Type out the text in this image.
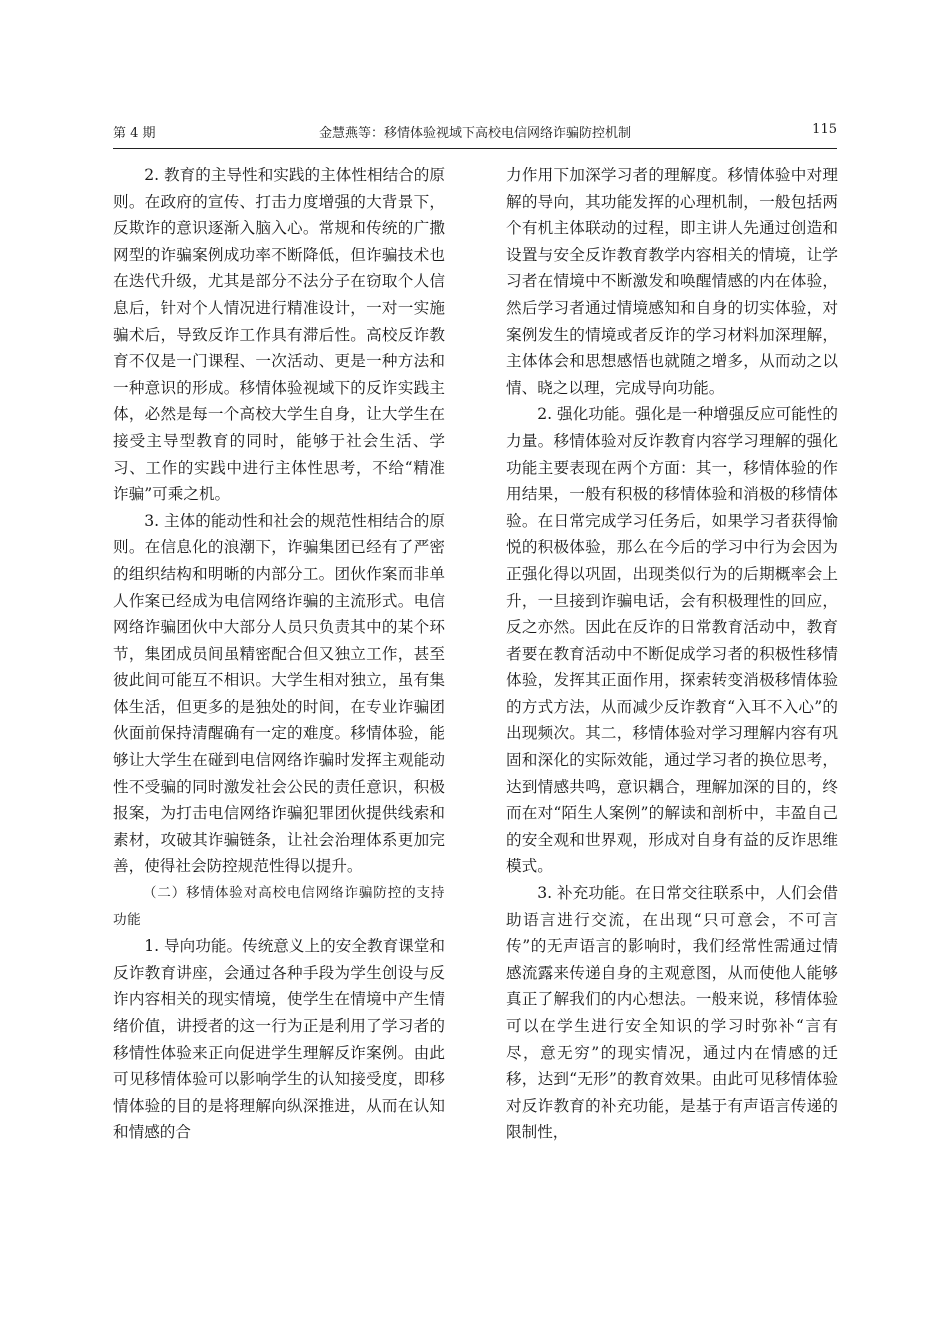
第 4 期	金慧燕等：移情体验视域下高校电信网络诈骗防控机制	115

2. 教育的主导性和实践的主体性相结合的原则。在政府的宣传、打击力度增强的大背景下，反欺诈的意识逐渐入脑入心。常规和传统的广撒网型的诈骗案例成功率不断降低，但诈骗技术也在迭代升级，尤其是部分不法分子在窃取个人信息后，针对个人情况进行精准设计，一对一实施骗术后，导致反诈工作具有滞后性。高校反诈教育不仅是一门课程、一次活动、更是一种方法和一种意识的形成。移情体验视域下的反诈实践主体，必然是每一个高校大学生自身，让大学生在接受主导型教育的同时，能够于社会生活、学习、工作的实践中进行主体性思考，不给“精准诈骗”可乘之机。

3. 主体的能动性和社会的规范性相结合的原则。在信息化的浪潮下，诈骗集团已经有了严密的组织结构和明晰的内部分工。团伙作案而非单人作案已经成为电信网络诈骗的主流形式。电信网络诈骗团伙中大部分人员只负责其中的某个环节，集团成员间虽精密配合但又独立工作，甚至彼此间可能互不相识。大学生相对独立，虽有集体生活，但更多的是独处的时间，在专业诈骗团伙面前保持清醒确有一定的难度。移情体验，能够让大学生在碰到电信网络诈骗时发挥主观能动性不受骗的同时激发社会公民的责任意识，积极报案，为打击电信网络诈骗犯罪团伙提供线索和素材，攻破其诈骗链条，让社会治理体系更加完善，使得社会防控规范性得以提升。

（二）移情体验对高校电信网络诈骗防控的支持功能

1. 导向功能。传统意义上的安全教育课堂和反诈教育讲座，会通过各种手段为学生创设与反诈内容相关的现实情境，使学生在情境中产生情绪价值，讲授者的这一行为正是利用了学习者的移情性体验来正向促进学生理解反诈案例。由此可见移情体验可以影响学生的认知接受度，即移情体验的目的是将理解向纵深推进，从而在认知和情感的合

力作用下加深学习者的理解度。移情体验中对理解的导向，其功能发挥的心理机制，一般包括两个有机主体联动的过程，即主讲人先通过创造和设置与安全反诈教育教学内容相关的情境，让学习者在情境中不断激发和唤醒情感的内在体验，然后学习者通过情境感知和自身的切实体验，对案例发生的情境或者反诈的学习材料加深理解，主体体会和思想感悟也就随之增多，从而动之以情、晓之以理，完成导向功能。

2. 强化功能。强化是一种增强反应可能性的力量。移情体验对反诈教育内容学习理解的强化功能主要表现在两个方面：其一，移情体验的作用结果，一般有积极的移情体验和消极的移情体验。在日常完成学习任务后，如果学习者获得愉悦的积极体验，那么在今后的学习中行为会因为正强化得以巩固，出现类似行为的后期概率会上升，一旦接到诈骗电话，会有积极理性的回应，反之亦然。因此在反诈的日常教育活动中，教育者要在教育活动中不断促成学习者的积极性移情体验，发挥其正面作用，探索转变消极移情体验的方式方法，从而减少反诈教育“入耳不入心”的出现频次。其二，移情体验对学习理解内容有巩固和深化的实际效能，通过学习者的换位思考，达到情感共鸣，意识耦合，理解加深的目的，终而在对“陌生人案例”的解读和剖析中，丰盈自己的安全观和世界观，形成对自身有益的反诈思维模式。

3. 补充功能。在日常交往联系中，人们会借助语言进行交流，在出现“只可意会，不可言传”的无声语言的影响时，我们经常性需通过情感流露来传递自身的主观意图，从而使他人能够真正了解我们的内心想法。一般来说，移情体验可以在学生进行安全知识的学习时弥补“言有尽，意无穷”的现实情况，通过内在情感的迁移，达到“无形”的教育效果。由此可见移情体验对反诈教育的补充功能，是基于有声语言传递的限制性，
